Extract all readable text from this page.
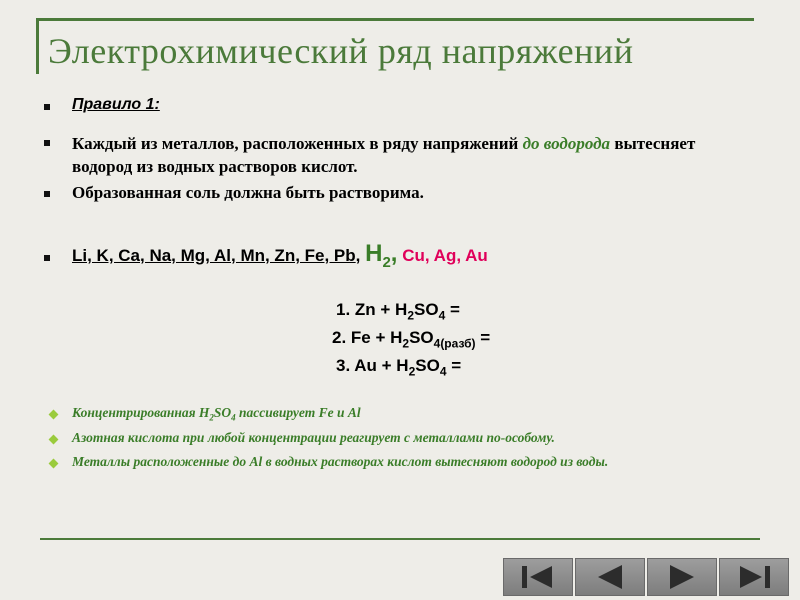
Электрохимический ряд напряжений
Правило 1:
Каждый из металлов, расположенных в ряду напряжений до водорода вытесняет водород из водных растворов кислот.
Образованная соль должна быть растворима.
Li, K, Ca, Na, Mg, Al, Mn, Zn, Fe, Pb, $H_2$, Cu, Ag, Au
1. $Zn + H_2SO_4$ =
2. $Fe + H_2SO_{4(разб)}$ =
3. $Au + H_2SO_4$ =
Концентрированная $H_2SO_4$ пассивирует Fe и Al
Азотная кислота при любой концентрации реагирует с металлами по-особому.
Металлы расположенные до Al в водных растворах кислот вытесняют водород из воды.
